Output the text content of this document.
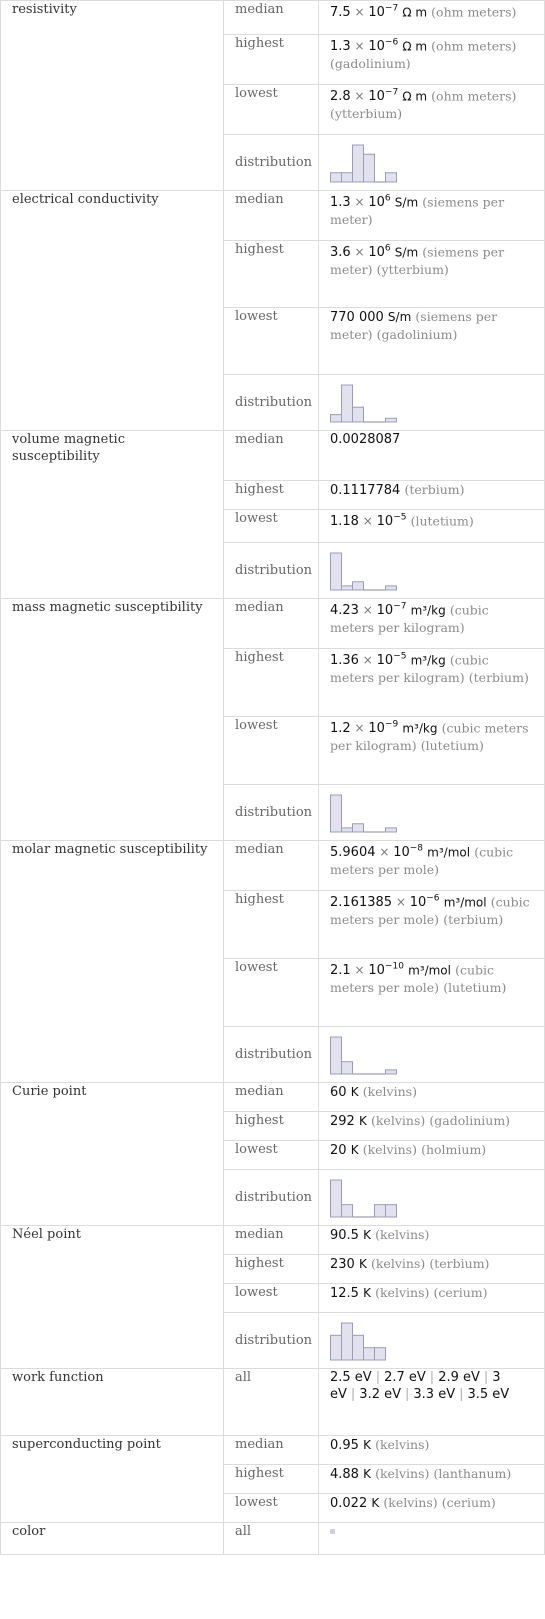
resistivity	median	$7.5 \times 10^{-7}$ Ω m (ohm meters)
	highest	$1.3 \times 10^{-6}$ Ω m (ohm meters) (gadolinium)
	lowest	$2.8 \times 10^{-7}$ Ω m (ohm meters) (ytterbium)
	distribution	

electrical conductivity	median	$1.3 \times 10^6$ S/m (siemens per meter)
	highest	$3.6 \times 10^6$ S/m (siemens per meter) (ytterbium)
	lowest	770 000 S/m (siemens per meter) (gadolinium)
	distribution	

volume magnetic susceptibility	median	0.0028087
	highest	0.1117784 (terbium)
	lowest	$1.18 \times 10^{-5}$ (lutetium)
	distribution	

mass magnetic susceptibility	median	$4.23 \times 10^{-7}$ m³/kg (cubic meters per kilogram)
	highest	$1.36 \times 10^{-5}$ m³/kg (cubic meters per kilogram) (terbium)
	lowest	$1.2 \times 10^{-9}$ m³/kg (cubic meters per kilogram) (lutetium)
	distribution	

molar magnetic susceptibility	median	$5.9604 \times 10^{-8}$ m³/mol (cubic meters per mole)
	highest	$2.161385 \times 10^{-6}$ m³/mol (cubic meters per mole) (terbium)
	lowest	$2.1 \times 10^{-10}$ m³/mol (cubic meters per mole) (lutetium)
	distribution	

Curie point	median	60 K (kelvins)
	highest	292 K (kelvins) (gadolinium)
	lowest	20 K (kelvins) (holmium)
	distribution	

Néel point	median	90.5 K (kelvins)
	highest	230 K (kelvins) (terbium)
	lowest	12.5 K (kelvins) (cerium)
	distribution	

work function	all	2.5 eV | 2.7 eV | 2.9 eV | 3 eV | 3.2 eV | 3.3 eV | 3.5 eV
superconducting point	median	0.95 K (kelvins)
	highest	4.88 K (kelvins) (lanthanum)
	lowest	0.022 K (kelvins) (cerium)
color	all	
